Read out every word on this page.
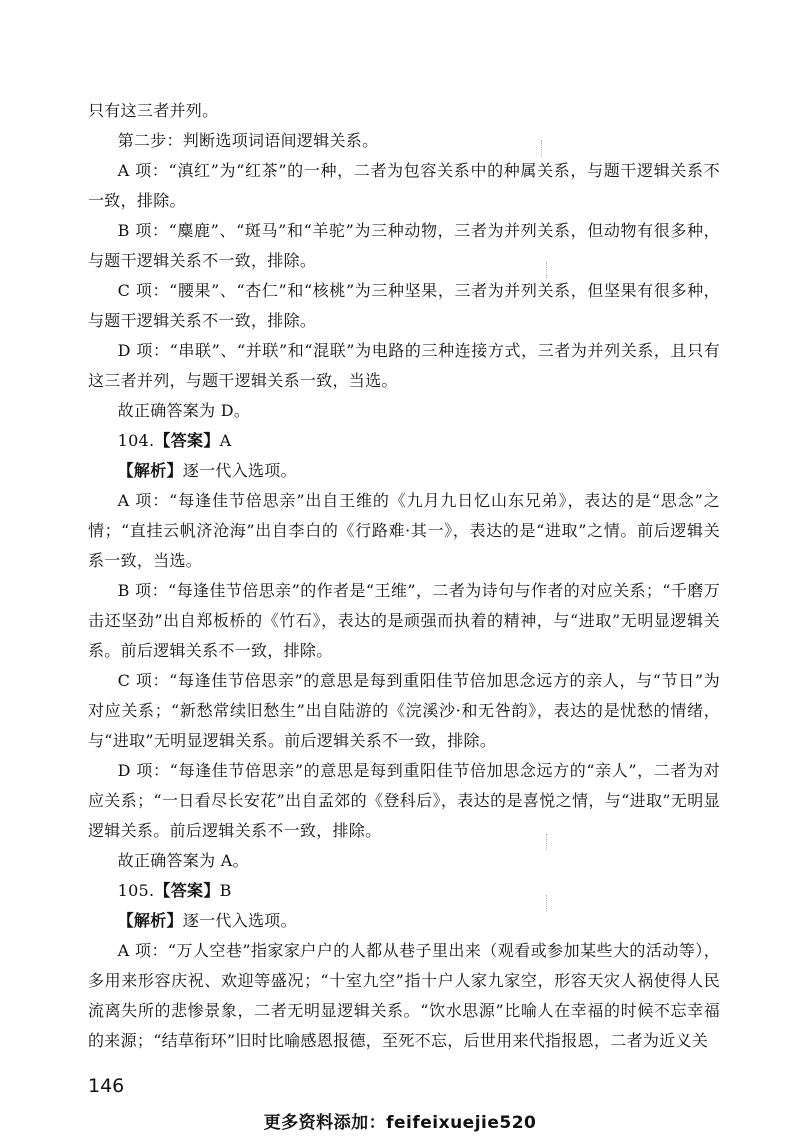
只有这三者并列。

第二步：判断选项词语间逻辑关系。

A 项：“滇红”为“红茶”的一种，二者为包容关系中的种属关系，与题干逻辑关系不一致，排除。

B 项：“麋鹿”、“斑马”和“羊驼”为三种动物，三者为并列关系，但动物有很多种，与题干逻辑关系不一致，排除。

C 项：“腰果”、“杏仁”和“核桃”为三种坚果，三者为并列关系，但坚果有很多种，与题干逻辑关系不一致，排除。

D 项：“串联”、“并联”和“混联”为电路的三种连接方式，三者为并列关系，且只有这三者并列，与题干逻辑关系一致，当选。

故正确答案为 D。

104.【答案】A

【解析】逐一代入选项。

A 项：“每逢佳节倍思亲”出自王维的《九月九日忆山东兄弟》，表达的是“思念”之情；“直挂云帆济沧海”出自李白的《行路难·其一》，表达的是“进取”之情。前后逻辑关系一致，当选。

B 项：“每逢佳节倍思亲”的作者是“王维”，二者为诗句与作者的对应关系；“千磨万击还坚劲”出自郑板桥的《竹石》，表达的是顽强而执着的精神，与“进取”无明显逻辑关系。前后逻辑关系不一致，排除。

C 项：“每逢佳节倍思亲”的意思是每到重阳佳节倍加思念远方的亲人，与“节日”为对应关系；“新愁常续旧愁生”出自陆游的《浣溪沙·和无咎韵》，表达的是忧愁的情绪，与“进取”无明显逻辑关系。前后逻辑关系不一致，排除。

D 项：“每逢佳节倍思亲”的意思是每到重阳佳节倍加思念远方的“亲人”，二者为对应关系；“一日看尽长安花”出自孟郊的《登科后》，表达的是喜悦之情，与“进取”无明显逻辑关系。前后逻辑关系不一致，排除。

故正确答案为 A。

105.【答案】B

【解析】逐一代入选项。

A 项：“万人空巷”指家家户户的人都从巷子里出来（观看或参加某些大的活动等），多用来形容庆祝、欢迎等盛况；“十室九空”指十户人家九家空，形容天灾人祸使得人民流离失所的悲惨景象，二者无明显逻辑关系。“饮水思源”比喻人在幸福的时候不忘幸福的来源；“结草衔环”旧时比喻感恩报德，至死不忘，后世用来代指报恩，二者为近义关

146
更多资料添加：feifeixuejie520
